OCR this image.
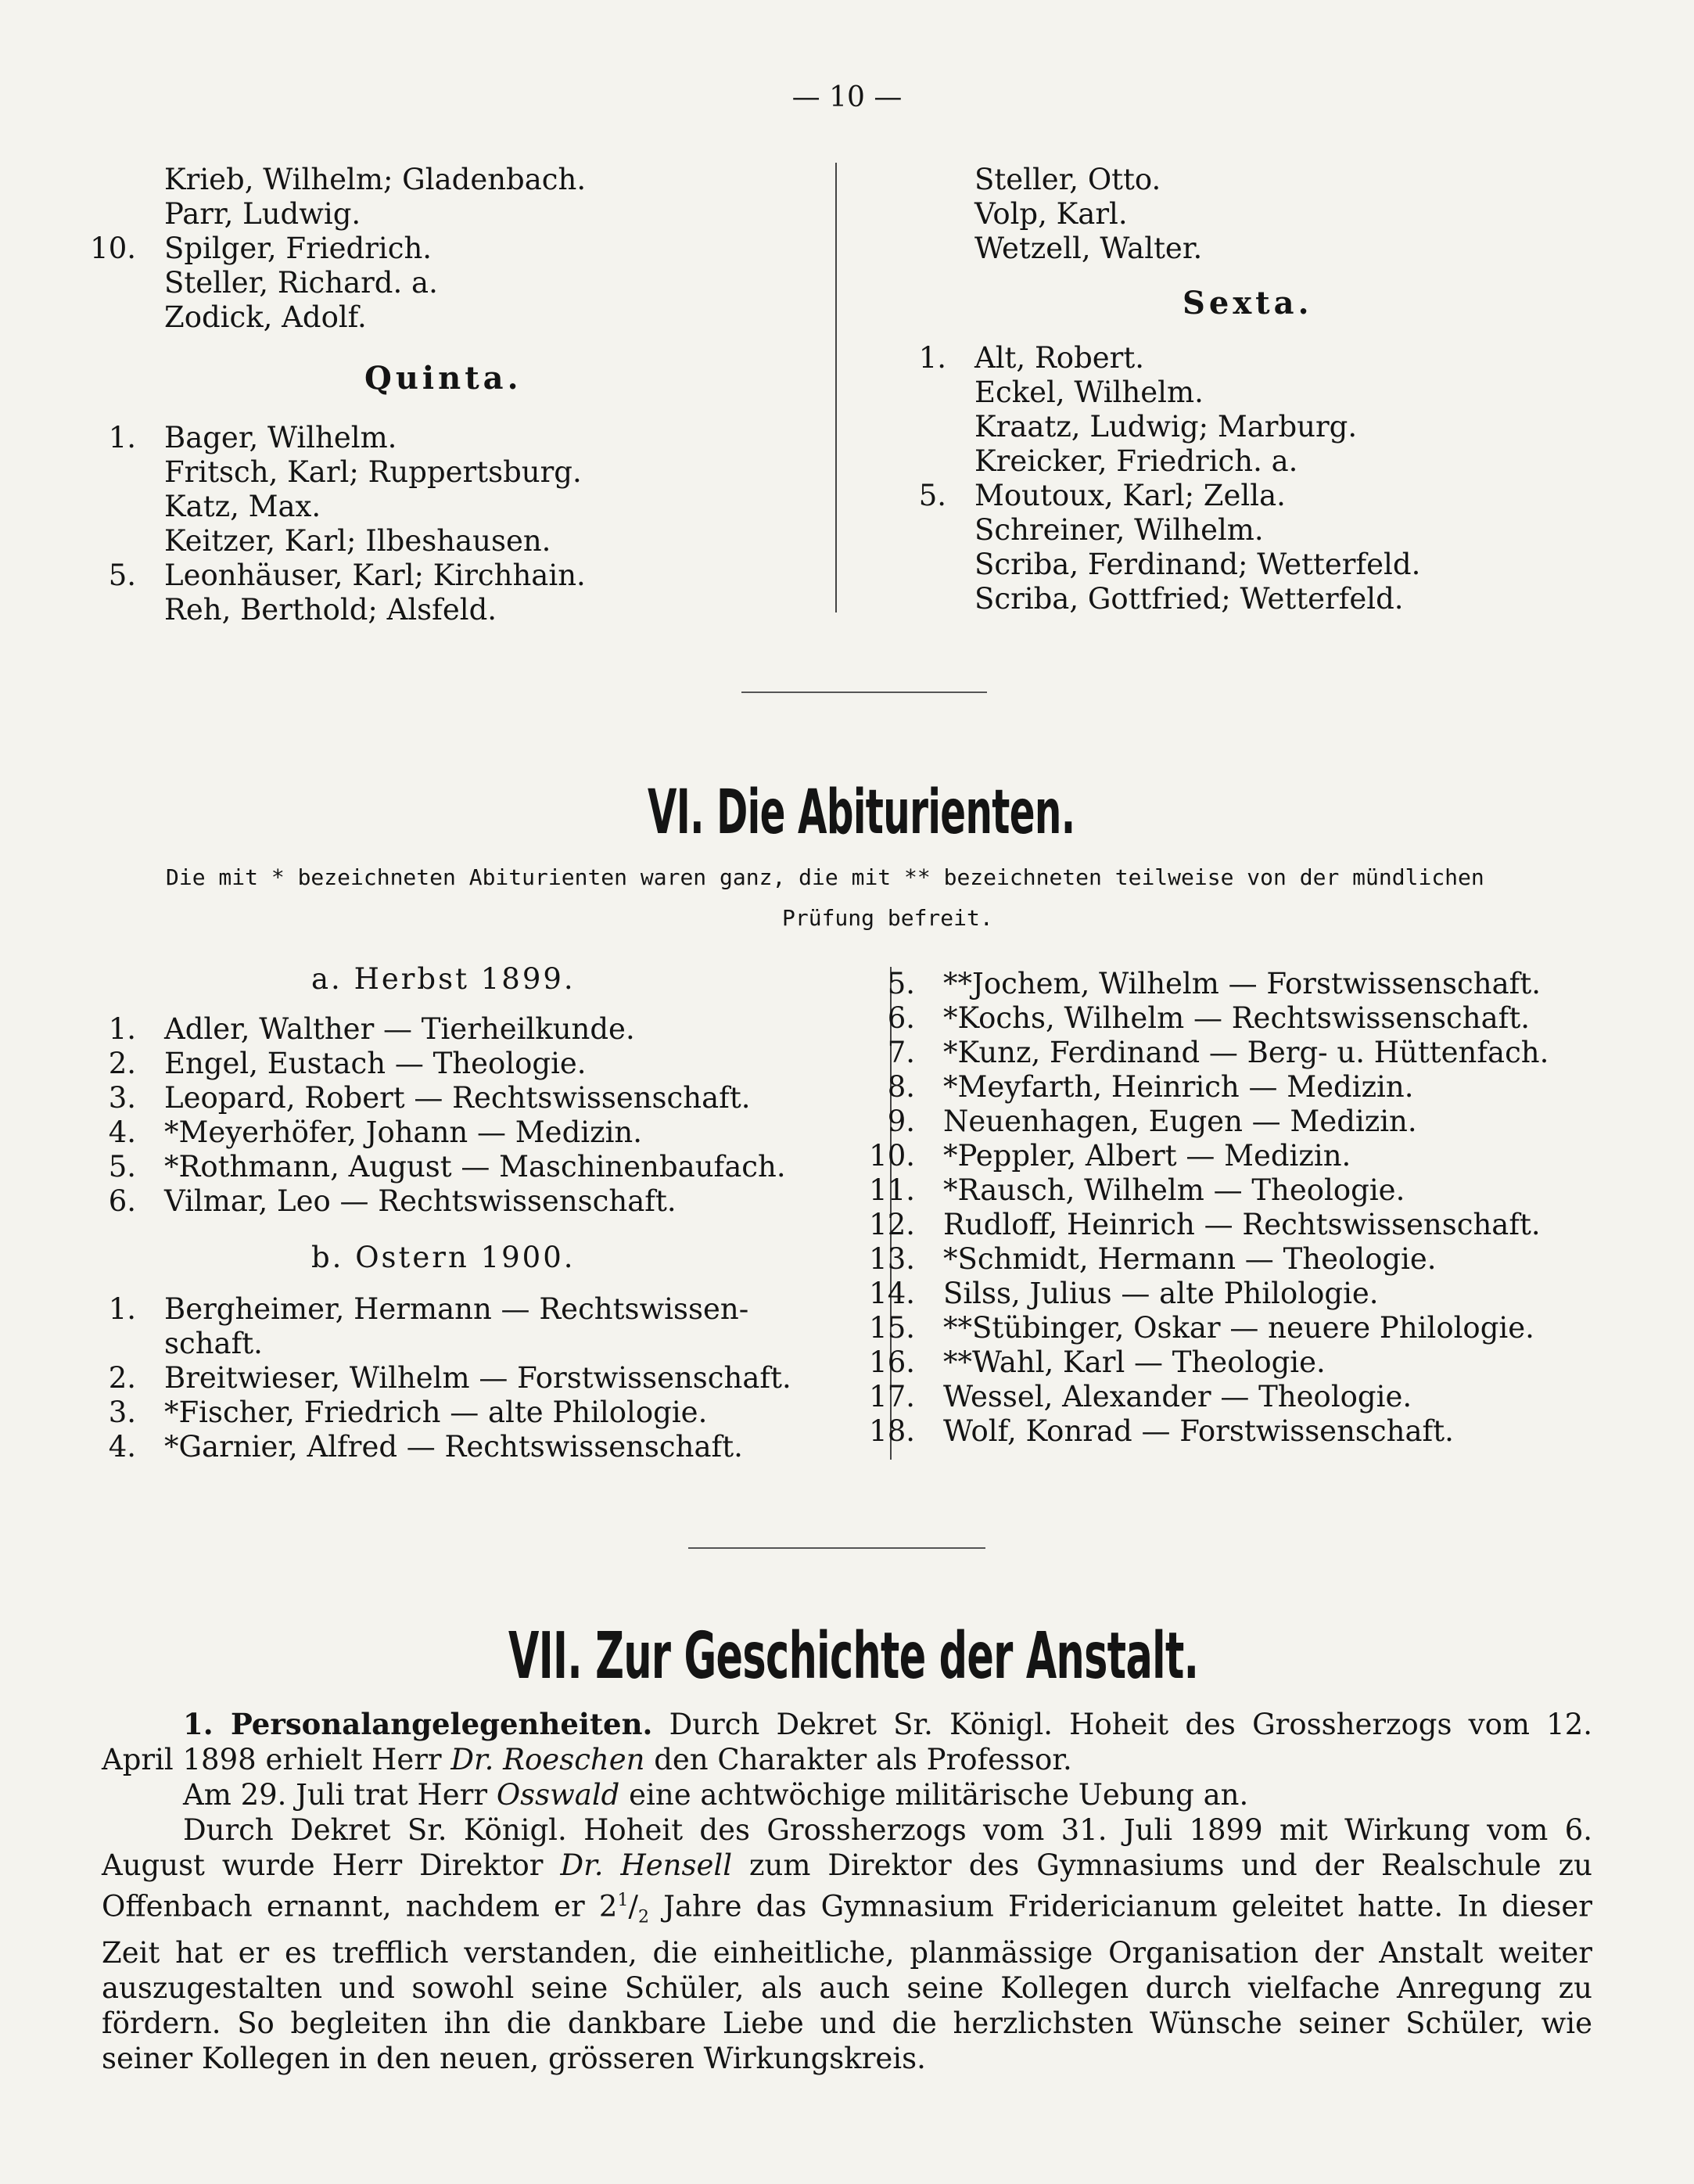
— 10 —
Krieb, Wilhelm; Gladenbach.
Parr, Ludwig.
10. Spilger, Friedrich.
Steller, Richard. a.
Zodick, Adolf.
Quinta.
1. Bager, Wilhelm.
Fritsch, Karl; Ruppertsburg.
Katz, Max.
Keitzer, Karl; Ilbeshausen.
5. Leonhäuser, Karl; Kirchhain.
Reh, Berthold; Alsfeld.
Steller, Otto.
Volp, Karl.
Wetzell, Walter.
Sexta.
1. Alt, Robert.
Eckel, Wilhelm.
Kraatz, Ludwig; Marburg.
Kreicker, Friedrich. a.
5. Moutoux, Karl; Zella.
Schreiner, Wilhelm.
Scriba, Ferdinand; Wetterfeld.
Scriba, Gottfried; Wetterfeld.
VI. Die Abiturienten.
Die mit * bezeichneten Abiturienten waren ganz, die mit ** bezeichneten teilweise von der mündlichen
Prüfung befreit.
a. Herbst 1899.
1. Adler, Walther — Tierheilkunde.
2. Engel, Eustach — Theologie.
3. Leopard, Robert — Rechtswissenschaft.
4. *Meyerhöfer, Johann — Medizin.
5. *Rothmann, August — Maschinenbaufach.
6. Vilmar, Leo — Rechtswissenschaft.
b. Ostern 1900.
1. Bergheimer, Hermann — Rechtswissen-
schaft.
2. Breitwieser, Wilhelm — Forstwissenschaft.
3. *Fischer, Friedrich — alte Philologie.
4. *Garnier, Alfred — Rechtswissenschaft.
5. **Jochem, Wilhelm — Forstwissenschaft.
6. *Kochs, Wilhelm — Rechtswissenschaft.
7. *Kunz, Ferdinand — Berg- u. Hüttenfach.
8. *Meyfarth, Heinrich — Medizin.
9. Neuenhagen, Eugen — Medizin.
10. *Peppler, Albert — Medizin.
11. *Rausch, Wilhelm — Theologie.
12. Rudloff, Heinrich — Rechtswissenschaft.
13. *Schmidt, Hermann — Theologie.
14. Silss, Julius — alte Philologie.
15. **Stübinger, Oskar — neuere Philologie.
16. **Wahl, Karl — Theologie.
17. Wessel, Alexander — Theologie.
18. Wolf, Konrad — Forstwissenschaft.
VII. Zur Geschichte der Anstalt.

1. Personalangelegenheiten. Durch Dekret Sr. Königl. Hoheit des Grossherzogs vom 12. April 1898 erhielt Herr Dr. Roeschen den Charakter als Professor.

Am 29. Juli trat Herr Osswald eine achtwöchige militärische Uebung an.

Durch Dekret Sr. Königl. Hoheit des Grossherzogs vom 31. Juli 1899 mit Wirkung vom 6. August wurde Herr Direktor Dr. Hensell zum Direktor des Gymnasiums und der Realschule zu Offenbach ernannt, nachdem er $2^1/_2$ Jahre das Gymnasium Fridericianum geleitet hatte. In dieser Zeit hat er es trefflich verstanden, die einheitliche, planmässige Organisation der Anstalt weiter auszugestalten und sowohl seine Schüler, als auch seine Kollegen durch vielfache Anregung zu fördern. So begleiten ihn die dankbare Liebe und die herzlichsten Wünsche seiner Schüler, wie seiner Kollegen in den neuen, grösseren Wirkungskreis.
